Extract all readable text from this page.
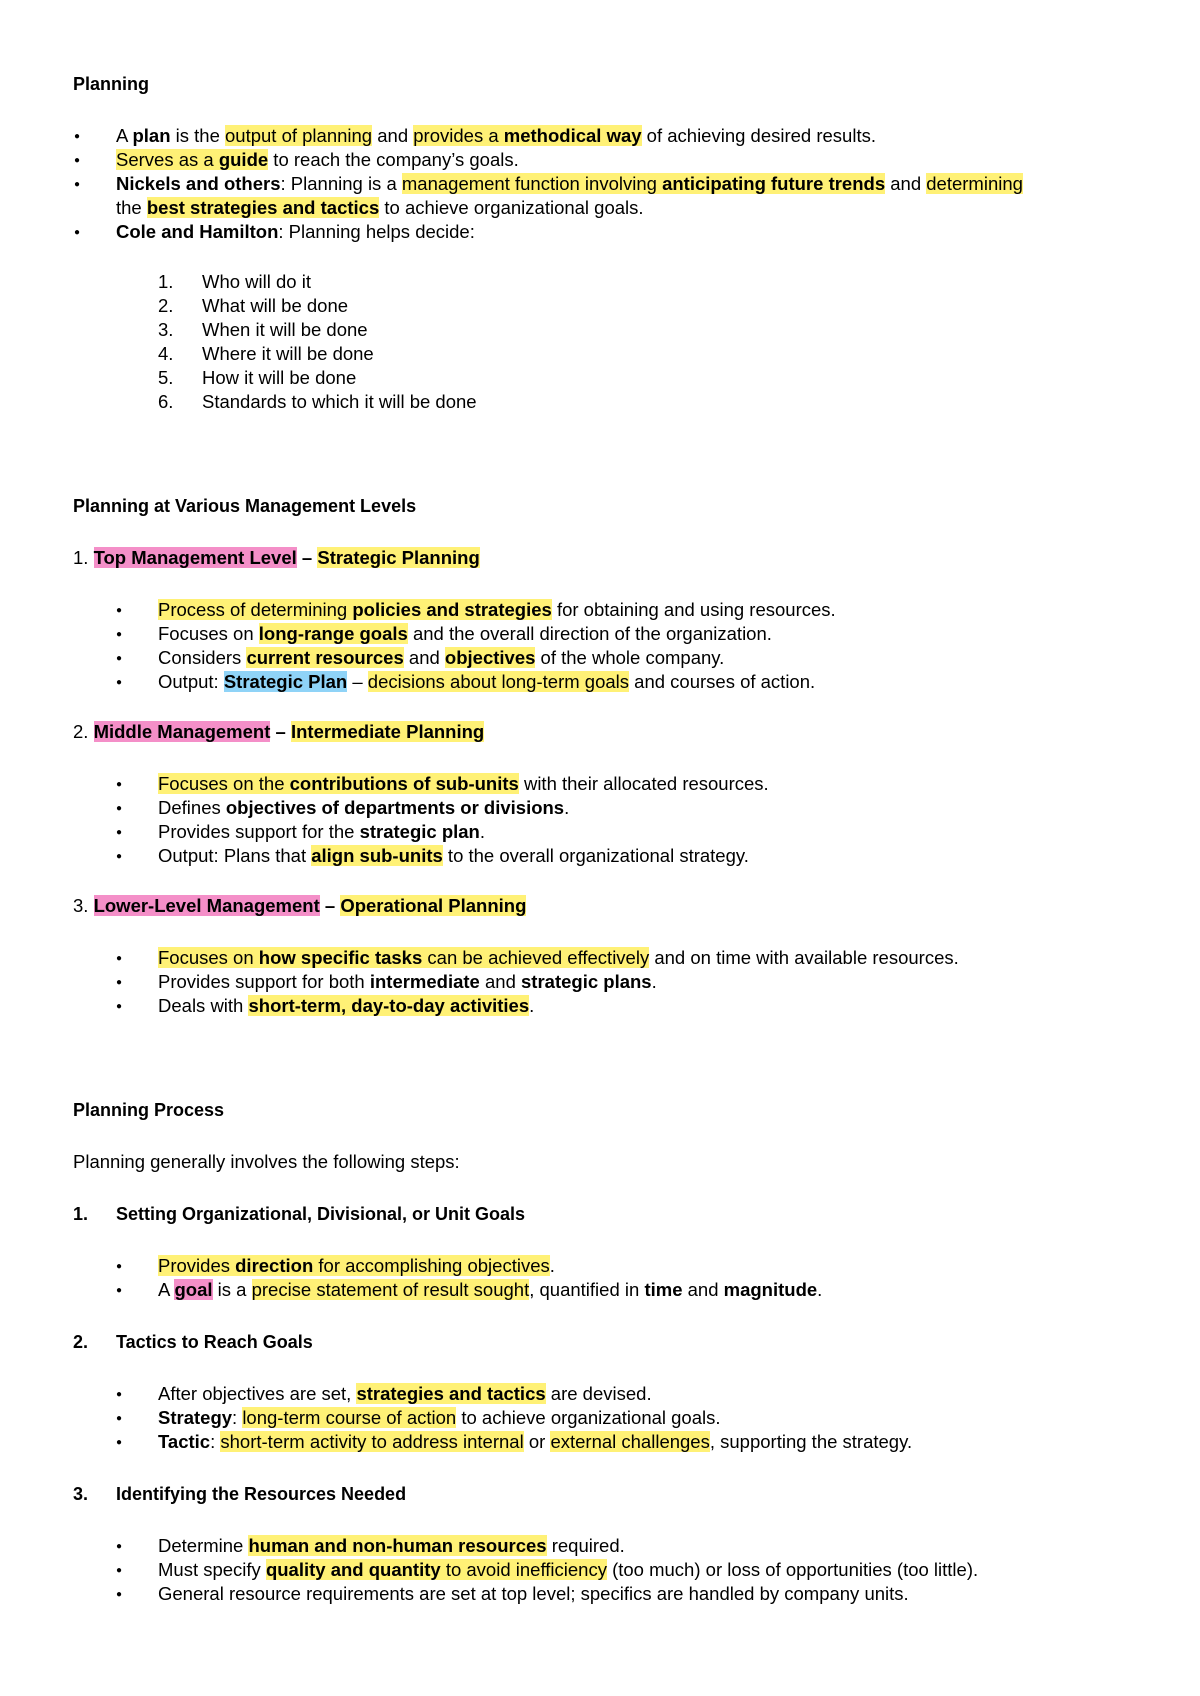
Planning
● A plan is the output of planning and provides a methodical way of achieving desired results.
● Serves as a guide to reach the company’s goals.
● Nickels and others: Planning is a management function involving anticipating future trends and determining
the best strategies and tactics to achieve organizational goals.
● Cole and Hamilton: Planning helps decide:
1. Who will do it
2. What will be done
3. When it will be done
4. Where it will be done
5. How it will be done
6. Standards to which it will be done
Planning at Various Management Levels
1. Top Management Level – Strategic Planning
● Process of determining policies and strategies for obtaining and using resources.
● Focuses on long-range goals and the overall direction of the organization.
● Considers current resources and objectives of the whole company.
● Output: Strategic Plan – decisions about long-term goals and courses of action.
2. Middle Management – Intermediate Planning
● Focuses on the contributions of sub-units with their allocated resources.
● Defines objectives of departments or divisions.
● Provides support for the strategic plan.
● Output: Plans that align sub-units to the overall organizational strategy.
3. Lower-Level Management – Operational Planning
● Focuses on how specific tasks can be achieved effectively and on time with available resources.
● Provides support for both intermediate and strategic plans.
● Deals with short-term, day-to-day activities.
Planning Process
Planning generally involves the following steps:
1. Setting Organizational, Divisional, or Unit Goals
● Provides direction for accomplishing objectives.
● A goal is a precise statement of result sought, quantified in time and magnitude.
2. Tactics to Reach Goals
● After objectives are set, strategies and tactics are devised.
● Strategy: long-term course of action to achieve organizational goals.
● Tactic: short-term activity to address internal or external challenges, supporting the strategy.
3. Identifying the Resources Needed
● Determine human and non-human resources required.
● Must specify quality and quantity to avoid inefficiency (too much) or loss of opportunities (too little).
● General resource requirements are set at top level; specifics are handled by company units.
